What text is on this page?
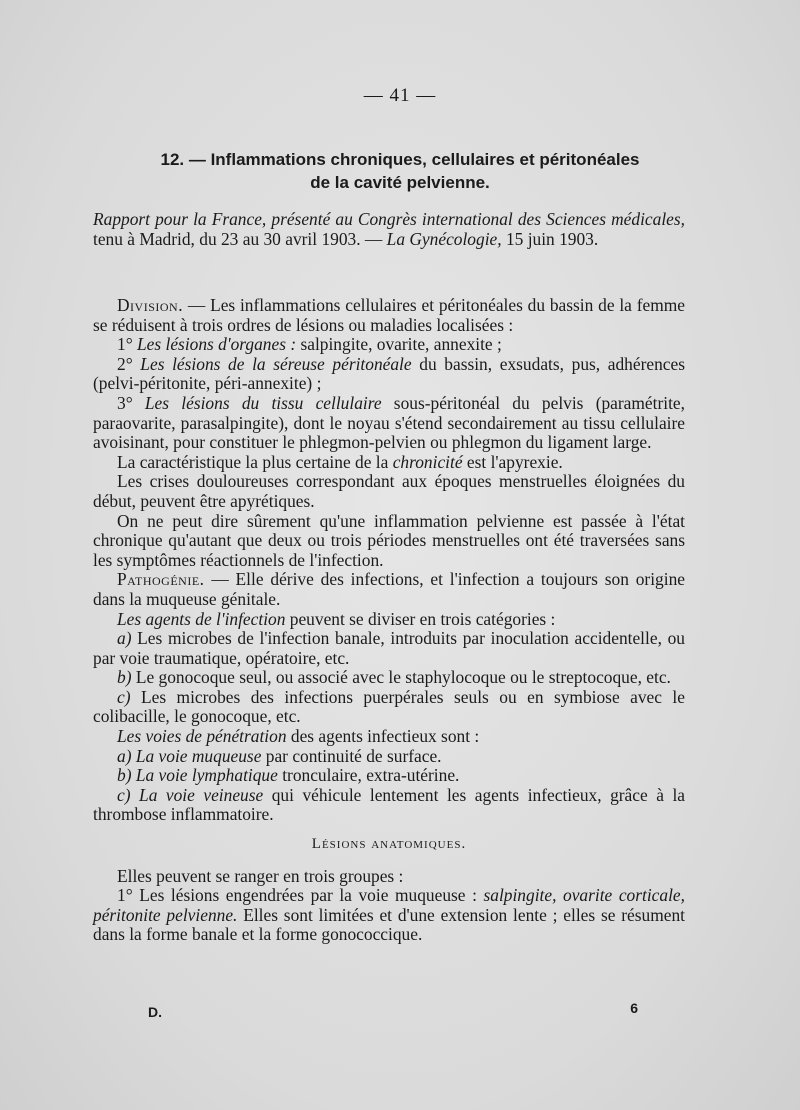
— 41 —
12. — Inflammations chroniques, cellulaires et péritonéales
de la cavité pelvienne.

Rapport pour la France, présenté au Congrès international des Sciences médicales, tenu à Madrid, du 23 au 30 avril 1903. — La Gynécologie, 15 juin 1903.

Division. — Les inflammations cellulaires et péritonéales du bassin de la femme se réduisent à trois ordres de lésions ou maladies localisées :

1° Les lésions d'organes : salpingite, ovarite, annexite ;

2° Les lésions de la séreuse péritonéale du bassin, exsudats, pus, adhérences (pelvi-péritonite, péri-annexite) ;

3° Les lésions du tissu cellulaire sous-péritonéal du pelvis (paramétrite, paraovarite, parasalpingite), dont le noyau s'étend secondairement au tissu cellulaire avoisinant, pour constituer le phlegmon-pelvien ou phlegmon du ligament large.

La caractéristique la plus certaine de la chronicité est l'apyrexie.

Les crises douloureuses correspondant aux époques menstruelles éloignées du début, peuvent être apyrétiques.

On ne peut dire sûrement qu'une inflammation pelvienne est passée à l'état chronique qu'autant que deux ou trois périodes menstruelles ont été traversées sans les symptômes réactionnels de l'infection.

Pathogénie. — Elle dérive des infections, et l'infection a toujours son origine dans la muqueuse génitale.

Les agents de l'infection peuvent se diviser en trois catégories :

a) Les microbes de l'infection banale, introduits par inoculation accidentelle, ou par voie traumatique, opératoire, etc.

b) Le gonocoque seul, ou associé avec le staphylocoque ou le streptocoque, etc.

c) Les microbes des infections puerpérales seuls ou en symbiose avec le colibacille, le gonocoque, etc.

Les voies de pénétration des agents infectieux sont :

a) La voie muqueuse par continuité de surface.

b) La voie lymphatique tronculaire, extra-utérine.

c) La voie veineuse qui véhicule lentement les agents infectieux, grâce à la thrombose inflammatoire.

Lésions anatomiques.

Elles peuvent se ranger en trois groupes :

1° Les lésions engendrées par la voie muqueuse : salpingite, ovarite corticale, péritonite pelvienne. Elles sont limitées et d'une extension lente ; elles se résument dans la forme banale et la forme gonococcique.

D.	6
